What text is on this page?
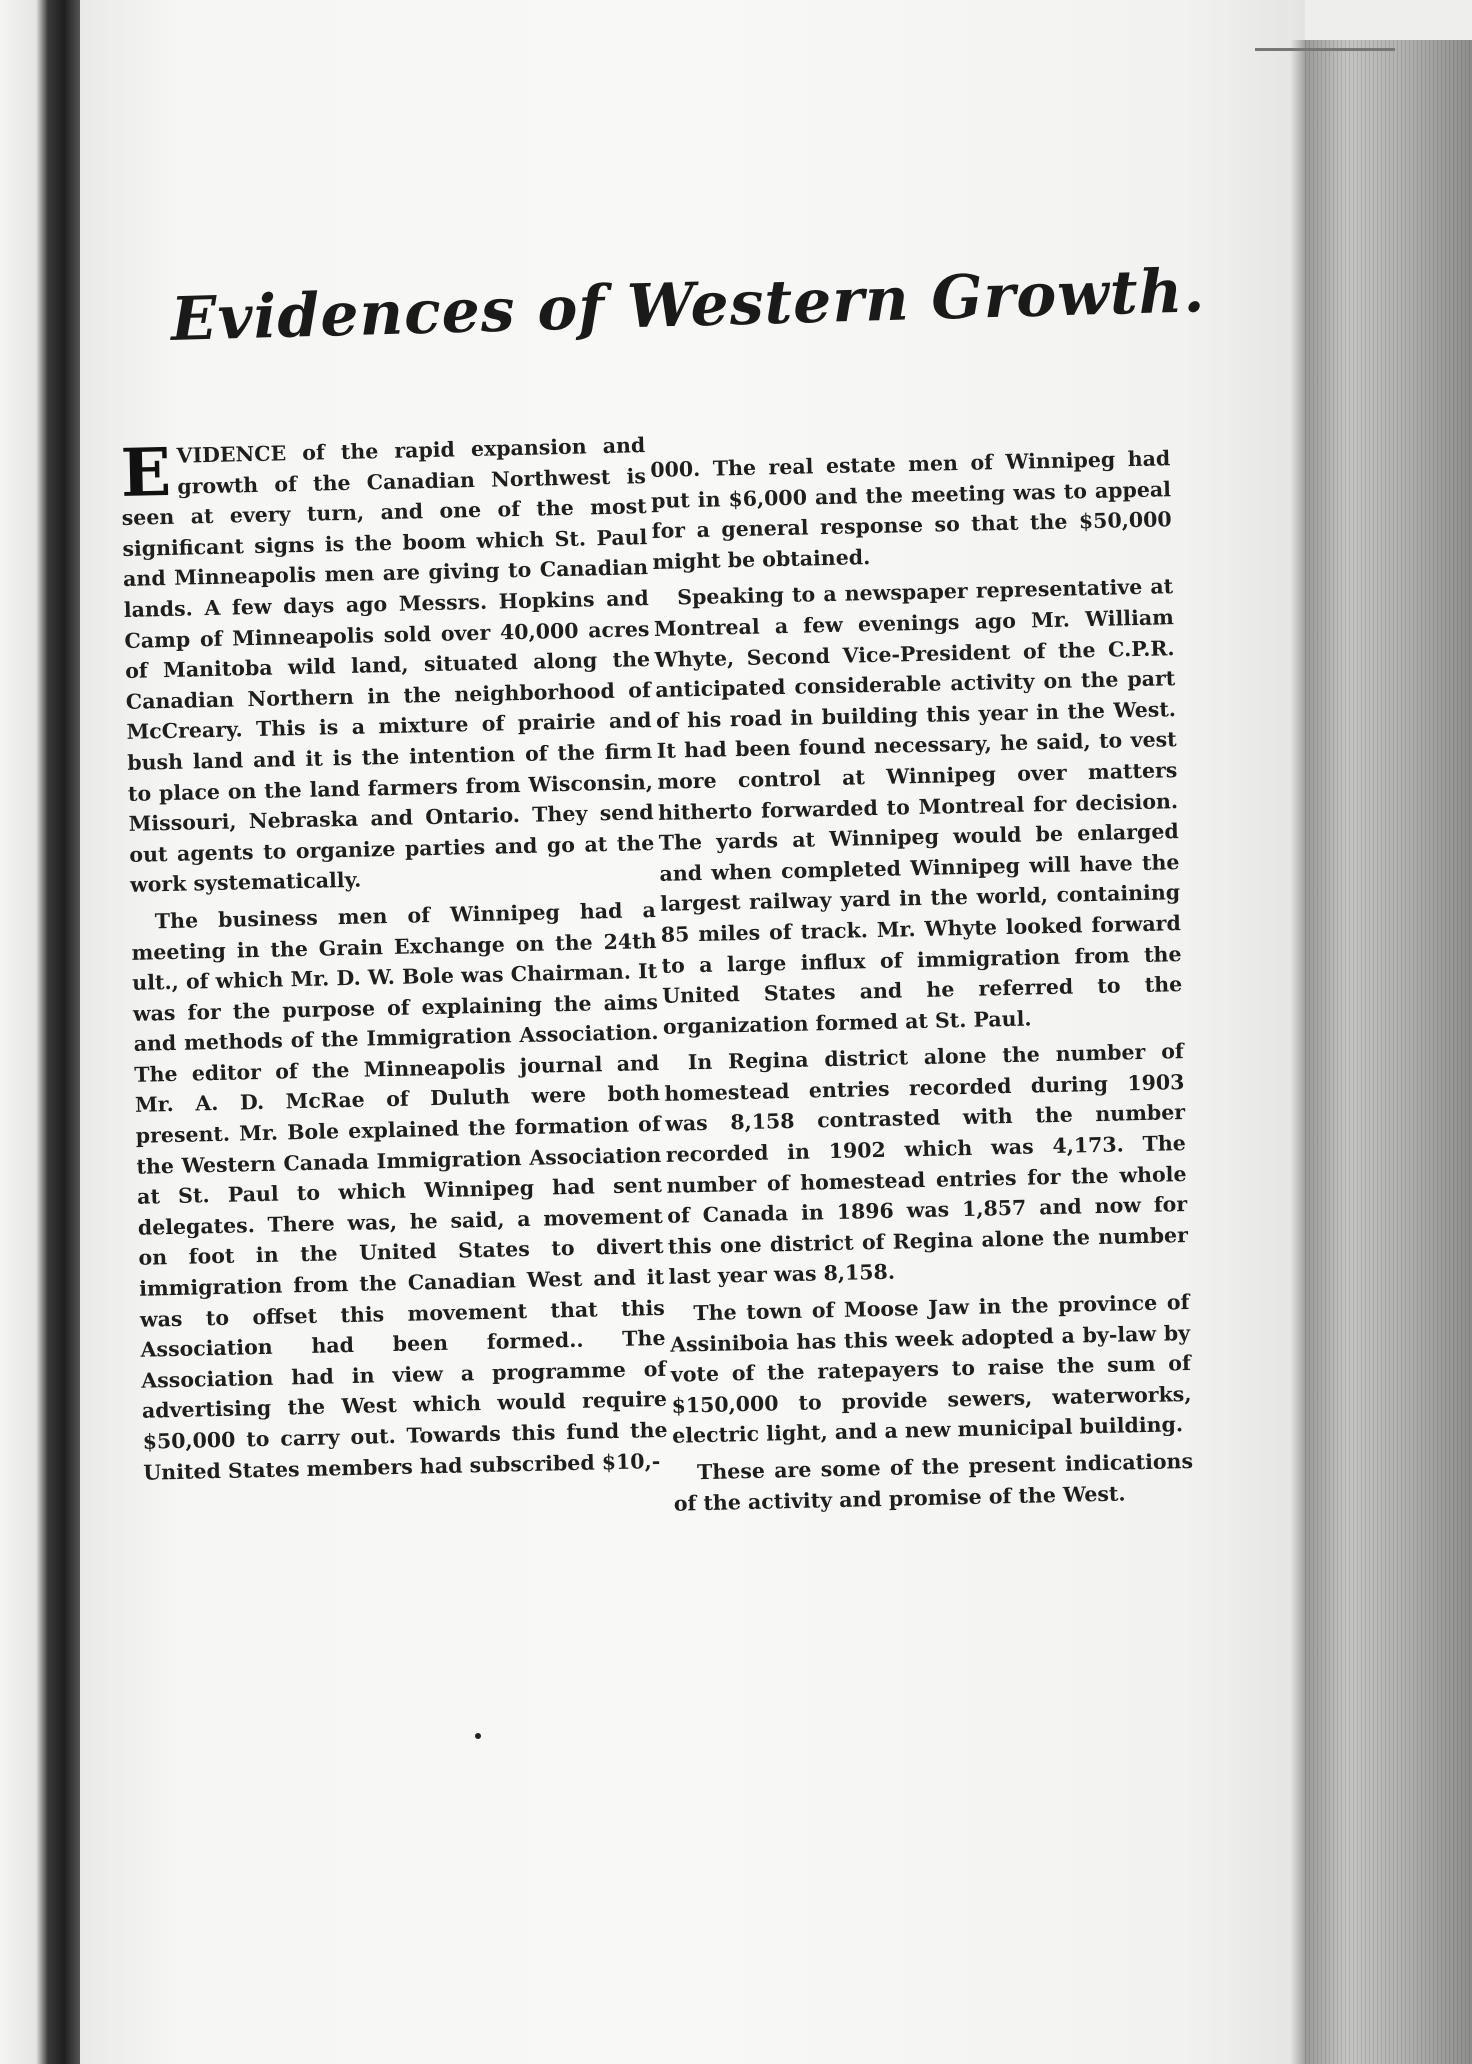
Evidences of Western Growth.

EVIDENCE of the rapid expansion and growth of the Canadian Northwest is seen at every turn, and one of the most significant signs is the boom which St. Paul and Minneapolis men are giving to Canadian lands. A few days ago Messrs. Hopkins and Camp of Minneapolis sold over 40,000 acres of Manitoba wild land, situated along the Canadian Northern in the neighborhood of McCreary. This is a mixture of prairie and bush land and it is the intention of the firm to place on the land farmers from Wisconsin, Missouri, Nebraska and Ontario. They send out agents to organize parties and go at the work systematically.

The business men of Winnipeg had a meeting in the Grain Exchange on the 24th ult., of which Mr. D. W. Bole was Chairman. It was for the purpose of explaining the aims and methods of the Immigration Association. The editor of the Minneapolis journal and Mr. A. D. McRae of Duluth were both present. Mr. Bole explained the formation of the Western Canada Immigration Association at St. Paul to which Winnipeg had sent delegates. There was, he said, a movement on foot in the United States to divert immigration from the Canadian West and it was to offset this movement that this Association had been formed.. The Association had in view a programme of advertising the West which would require $50,000 to carry out. Towards this fund the United States members had subscribed $10,-

000. The real estate men of Winnipeg had put in $6,000 and the meeting was to appeal for a general response so that the $50,000 might be obtained.

Speaking to a newspaper representative at Montreal a few evenings ago Mr. William Whyte, Second Vice-President of the C.P.R. anticipated considerable activity on the part of his road in building this year in the West. It had been found necessary, he said, to vest more control at Winnipeg over matters hitherto forwarded to Montreal for decision. The yards at Winnipeg would be enlarged and when completed Winnipeg will have the largest railway yard in the world, containing 85 miles of track. Mr. Whyte looked forward to a large influx of immigration from the United States and he referred to the organization formed at St. Paul.

In Regina district alone the number of homestead entries recorded during 1903 was 8,158 contrasted with the number recorded in 1902 which was 4,173. The number of homestead entries for the whole of Canada in 1896 was 1,857 and now for this one district of Regina alone the number last year was 8,158.

The town of Moose Jaw in the province of Assiniboia has this week adopted a by-law by vote of the ratepayers to raise the sum of $150,000 to provide sewers, waterworks, electric light, and a new municipal building.

These are some of the present indications of the activity and promise of the West.
